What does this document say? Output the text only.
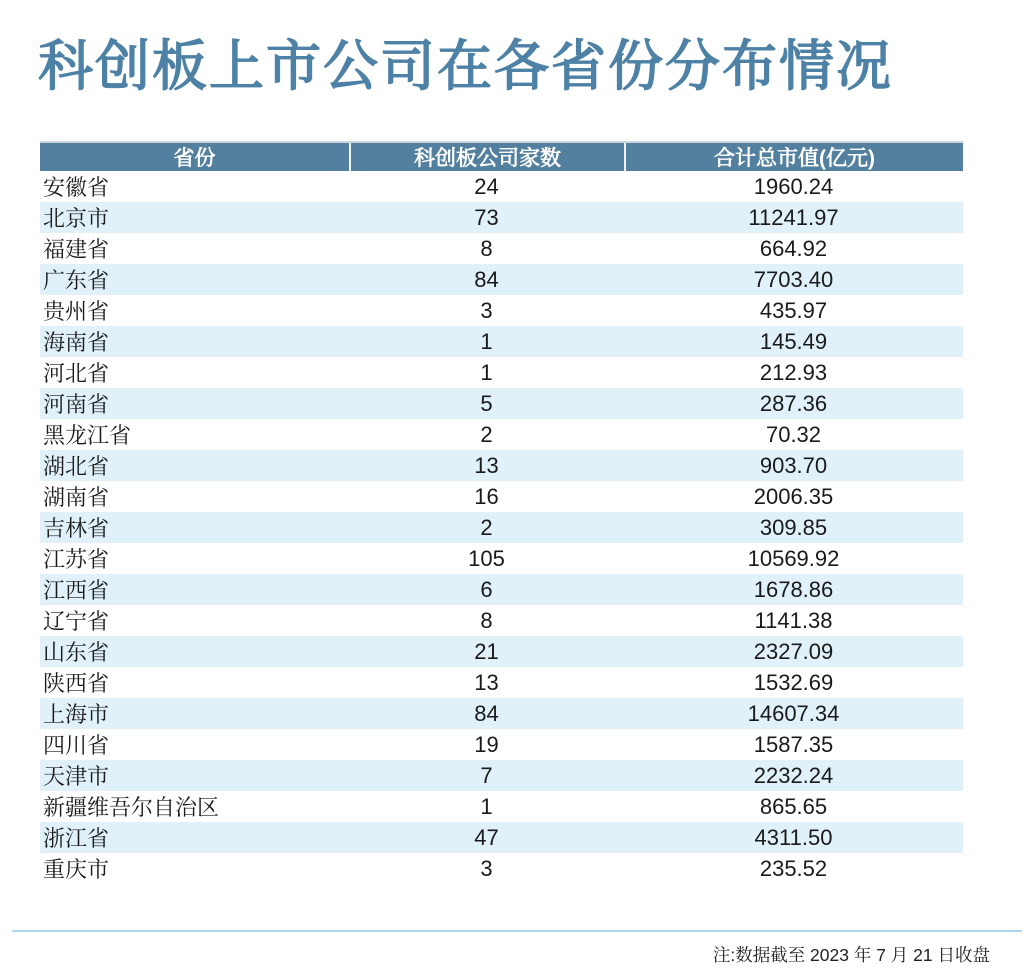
科创板上市公司在各省份分布情况
省份	科创板公司家数	合计总市值(亿元)
安徽省	24	1960.24
北京市	73	11241.97
福建省	8	664.92
广东省	84	7703.40
贵州省	3	435.97
海南省	1	145.49
河北省	1	212.93
河南省	5	287.36
黑龙江省	2	70.32
湖北省	13	903.70
湖南省	16	2006.35
吉林省	2	309.85
江苏省	105	10569.92
江西省	6	1678.86
辽宁省	8	1141.38
山东省	21	2327.09
陕西省	13	1532.69
上海市	84	14607.34
四川省	19	1587.35
天津市	7	2232.24
新疆维吾尔自治区	1	865.65
浙江省	47	4311.50
重庆市	3	235.52
注:数据截至 2023 年 7 月 21 日收盘
